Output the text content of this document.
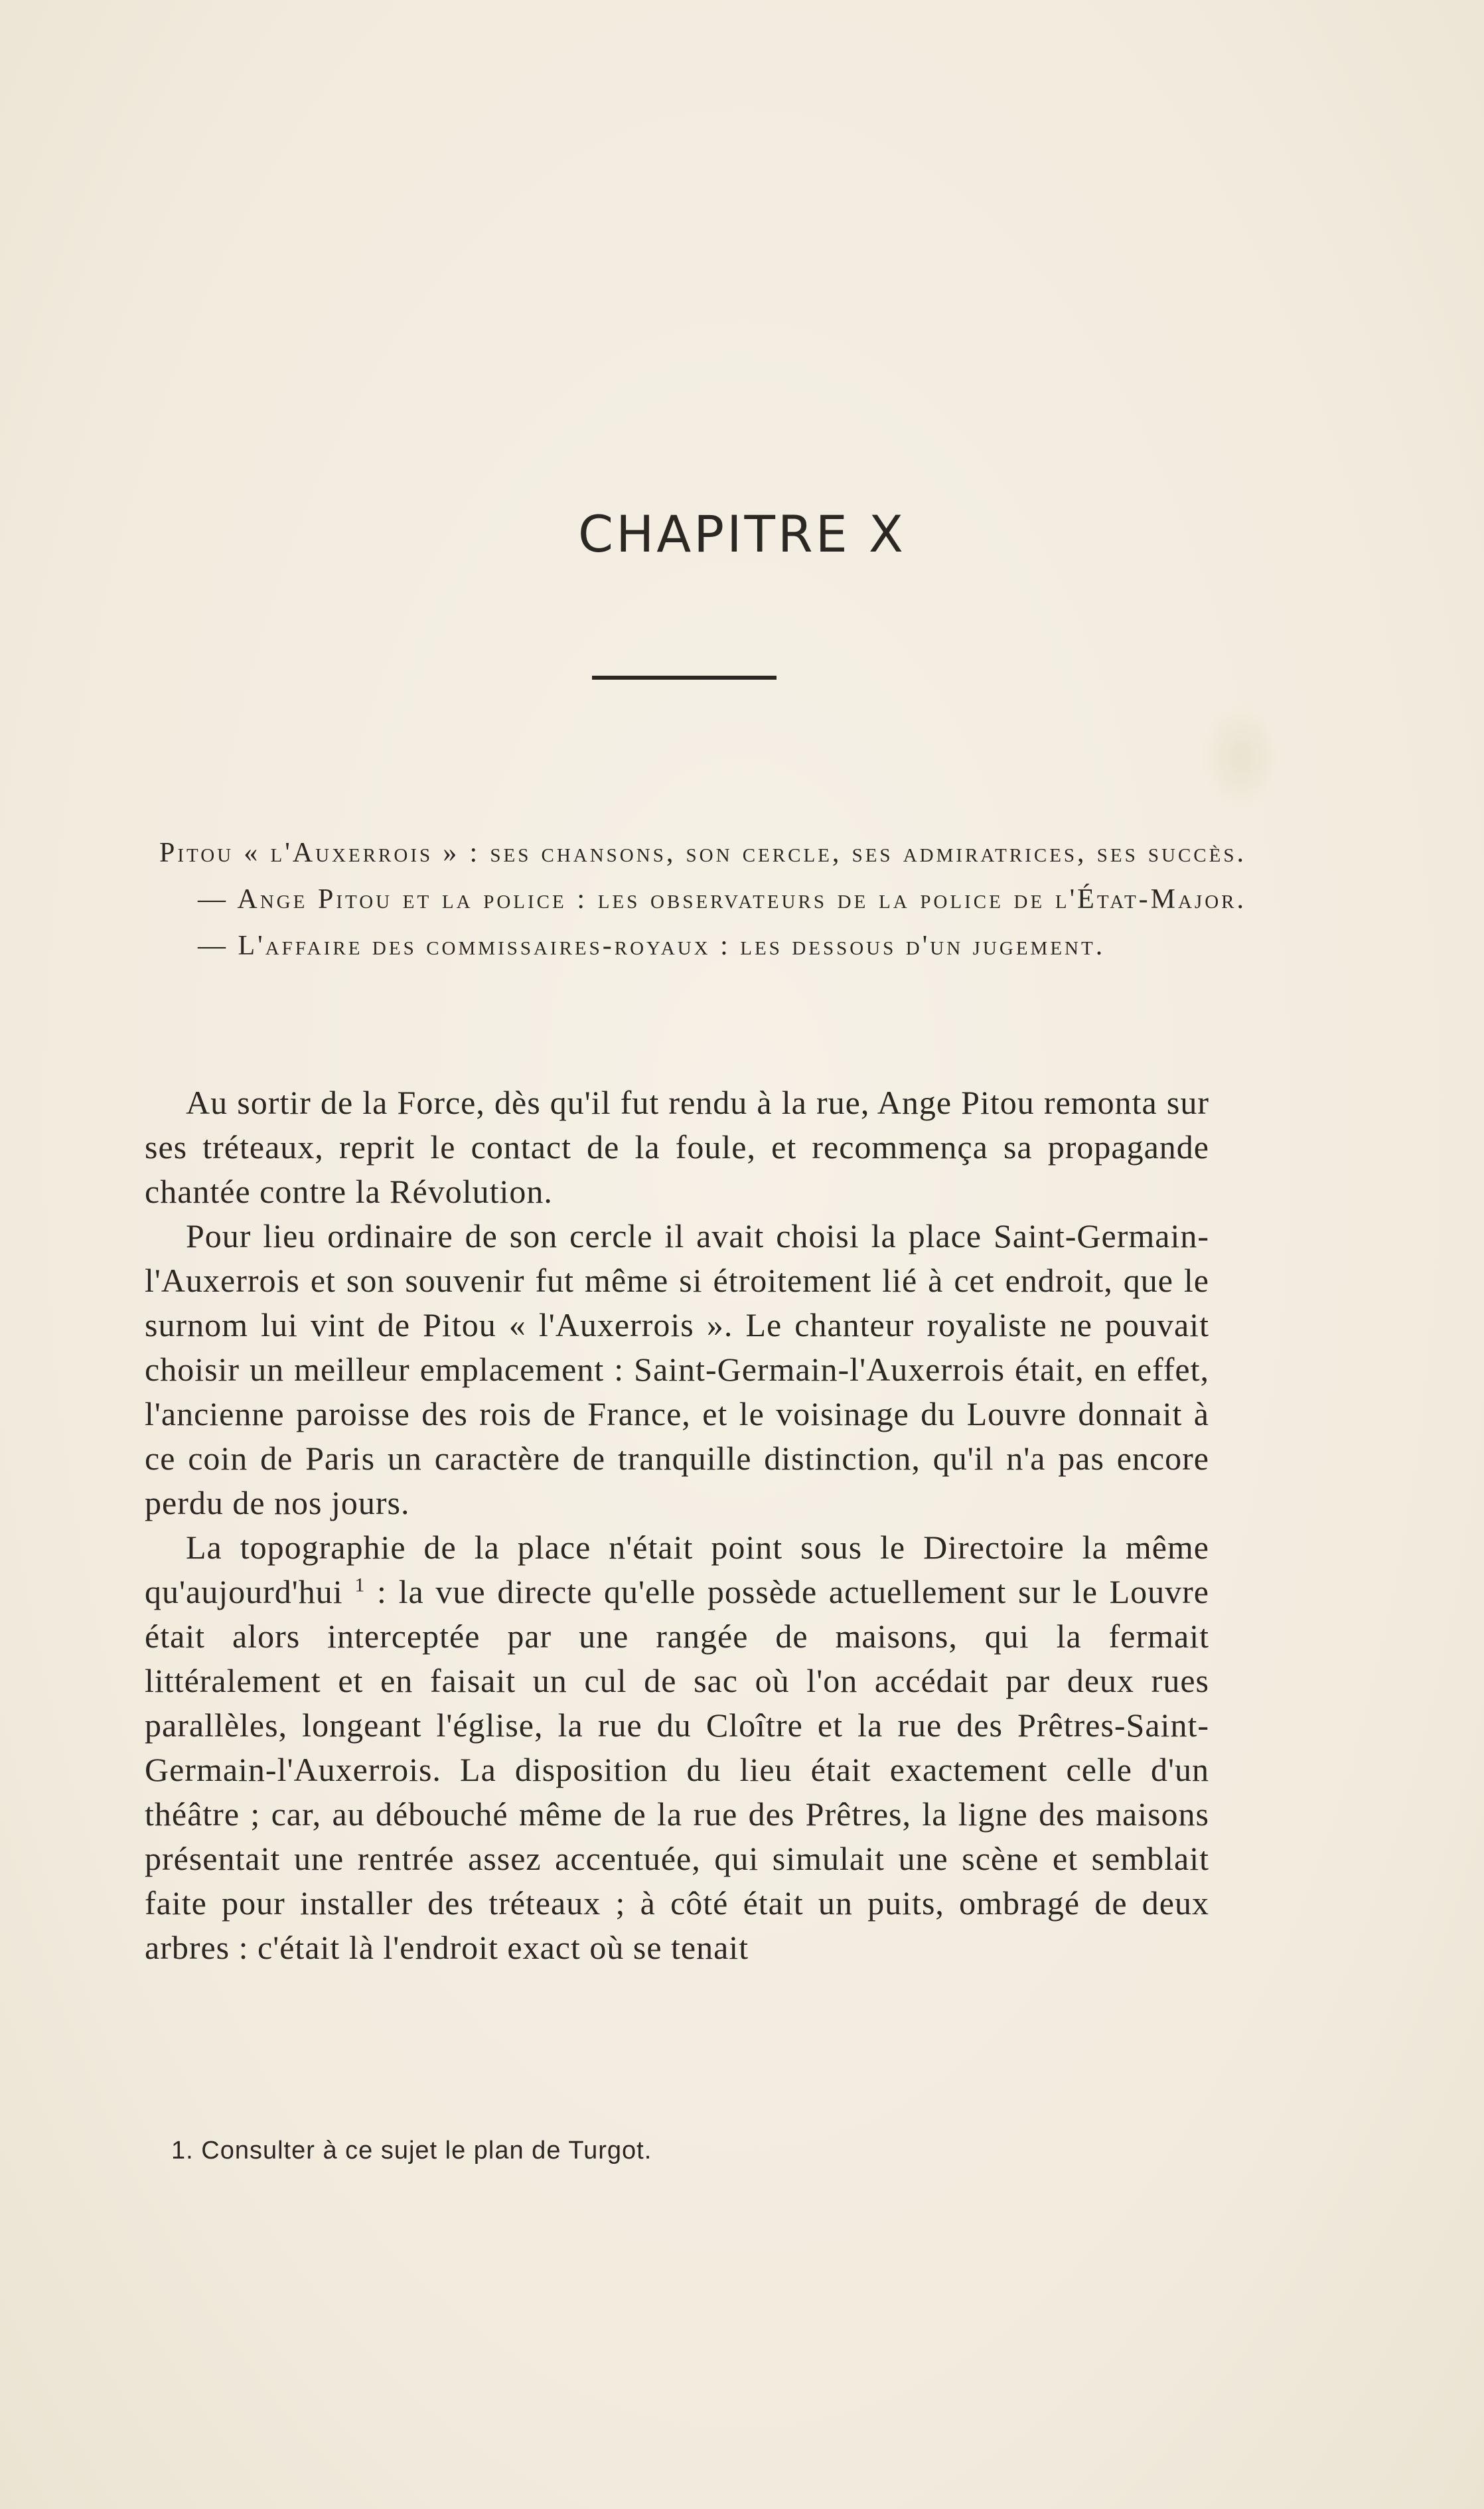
CHAPITRE X

Pitou « l'Auxerrois » : ses chansons, son cercle, ses admiratrices, ses succès. — Ange Pitou et la police : les observateurs de la police de l'État-Major. — L'affaire des commissaires-royaux : les dessous d'un jugement.

Au sortir de la Force, dès qu'il fut rendu à la rue, Ange Pitou remonta sur ses tréteaux, reprit le contact de la foule, et recommença sa propagande chantée contre la Révolution.

Pour lieu ordinaire de son cercle il avait choisi la place Saint-Germain-l'Auxerrois et son souvenir fut même si étroitement lié à cet endroit, que le surnom lui vint de Pitou « l'Auxerrois ». Le chanteur royaliste ne pouvait choisir un meilleur emplacement : Saint-Germain-l'Auxerrois était, en effet, l'ancienne paroisse des rois de France, et le voisinage du Louvre donnait à ce coin de Paris un caractère de tranquille distinction, qu'il n'a pas encore perdu de nos jours.

La topographie de la place n'était point sous le Directoire la même qu'aujourd'hui $^1$ : la vue directe qu'elle possède actuellement sur le Louvre était alors interceptée par une rangée de maisons, qui la fermait littéralement et en faisait un cul de sac où l'on accédait par deux rues parallèles, longeant l'église, la rue du Cloître et la rue des Prêtres-Saint-Germain-l'Auxerrois. La disposition du lieu était exactement celle d'un théâtre ; car, au débouché même de la rue des Prêtres, la ligne des maisons présentait une rentrée assez accentuée, qui simulait une scène et semblait faite pour installer des tréteaux ; à côté était un puits, ombragé de deux arbres : c'était là l'endroit exact où se tenait

1. Consulter à ce sujet le plan de Turgot.
